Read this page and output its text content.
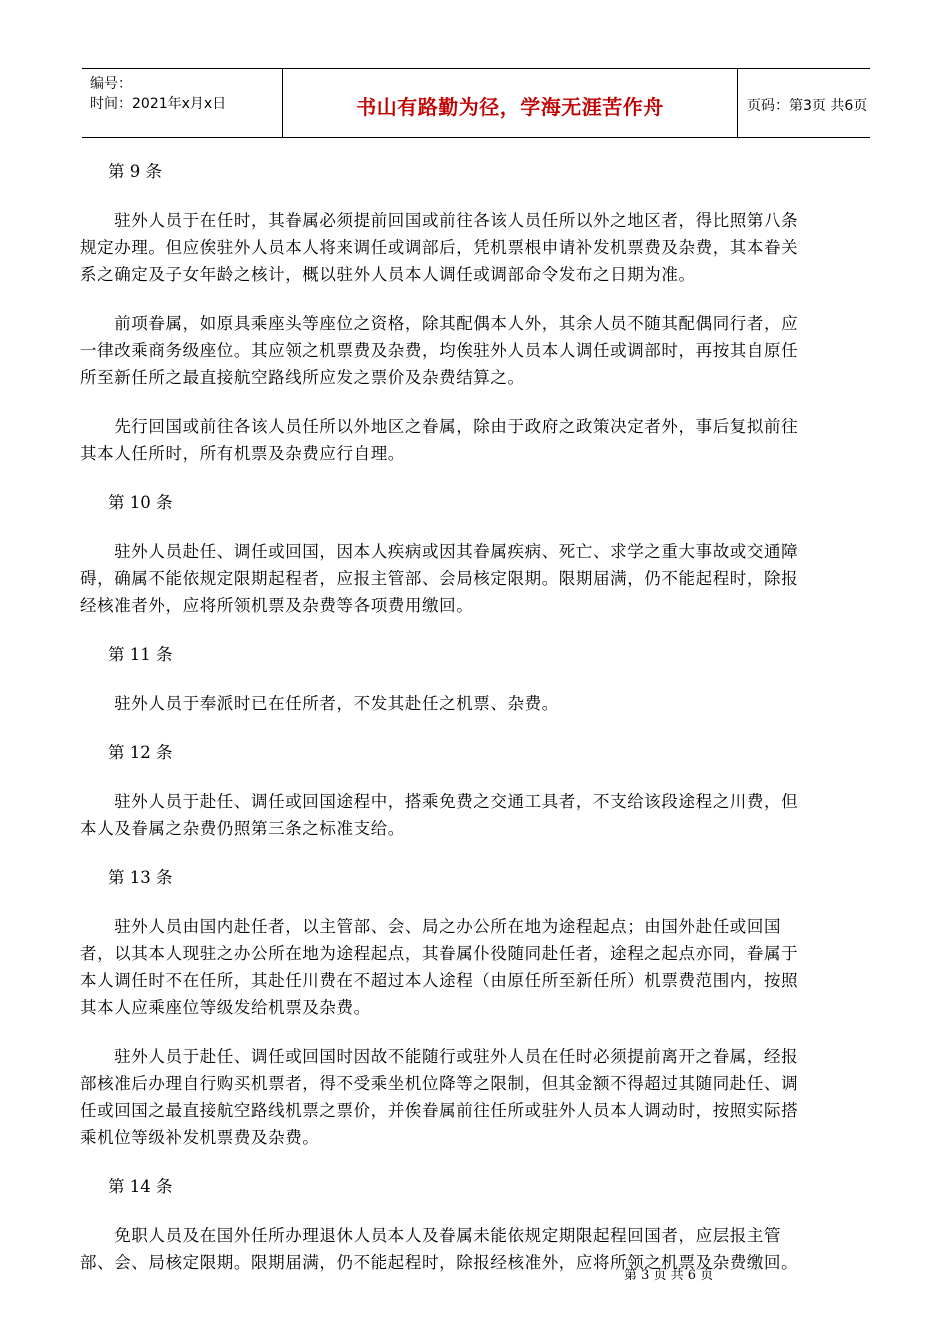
编号：
时间：2021年x月x日	书山有路勤为径，学海无涯苦作舟	页码：第3页 共6页
第 9 条
　　驻外人员于在任时，其眷属必须提前回国或前往各该人员任所以外之地区者，得比照第八条
规定办理。但应俟驻外人员本人将来调任或调部后，凭机票根申请补发机票费及杂费，其本眷关
系之确定及子女年龄之核计，概以驻外人员本人调任或调部命令发布之日期为准。
　　前项眷属，如原具乘座头等座位之资格，除其配偶本人外，其余人员不随其配偶同行者，应
一律改乘商务级座位。其应领之机票费及杂费，均俟驻外人员本人调任或调部时，再按其自原任
所至新任所之最直接航空路线所应发之票价及杂费结算之。
　　先行回国或前往各该人员任所以外地区之眷属，除由于政府之政策决定者外，事后复拟前往
其本人任所时，所有机票及杂费应行自理。
第 10 条
　　驻外人员赴任、调任或回国，因本人疾病或因其眷属疾病、死亡、求学之重大事故或交通障
碍，确属不能依规定限期起程者，应报主管部、会局核定限期。限期届满，仍不能起程时，除报
经核准者外，应将所领机票及杂费等各项费用缴回。
第 11 条
　　驻外人员于奉派时已在任所者，不发其赴任之机票、杂费。
第 12 条
　　驻外人员于赴任、调任或回国途程中，搭乘免费之交通工具者，不支给该段途程之川费，但
本人及眷属之杂费仍照第三条之标准支给。
第 13 条
　　驻外人员由国内赴任者，以主管部、会、局之办公所在地为途程起点；由国外赴任或回国
者，以其本人现驻之办公所在地为途程起点，其眷属仆役随同赴任者，途程之起点亦同，眷属于
本人调任时不在任所，其赴任川费在不超过本人途程（由原任所至新任所）机票费范围内，按照
其本人应乘座位等级发给机票及杂费。
　　驻外人员于赴任、调任或回国时因故不能随行或驻外人员在任时必须提前离开之眷属，经报
部核准后办理自行购买机票者，得不受乘坐机位降等之限制，但其金额不得超过其随同赴任、调
任或回国之最直接航空路线机票之票价，并俟眷属前往任所或驻外人员本人调动时，按照实际搭
乘机位等级补发机票费及杂费。
第 14 条
　　免职人员及在国外任所办理退休人员本人及眷属未能依规定期限起程回国者，应层报主管
部、会、局核定限期。限期届满，仍不能起程时，除报经核准外，应将所领之机票及杂费缴回。
第 3 页 共 6 页
